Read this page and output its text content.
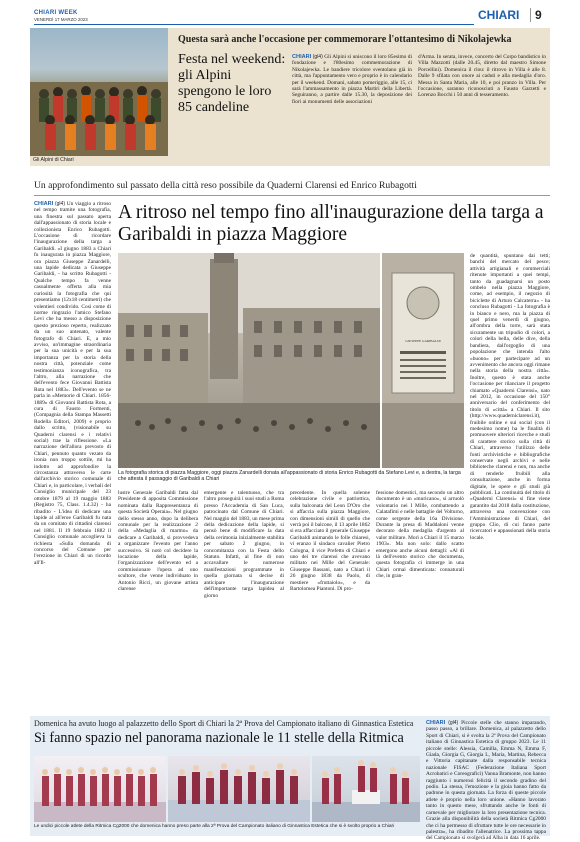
CHIARI WEEK
VENERDÌ 17 MARZO 2023	CHIARI	9
Gli Alpini di Chiari
Questa sarà anche l'occasione per commemorare l'ottantesimo di Nikolajewka
Festa nel weekend: gli Alpini spengono le loro 85 candeline

CHIARI (gl4) Gli Alpini si uniscono il loro 85esimo di fondazione e l'80esimo commemorazione di Nikolajewka. Le bandiere tricolore sventolano già in città, ma l'appuntamento vero e proprio è in calendario per il weekend. Domani, sabato pomeriggio, alle 15, ci sarà l'ammassamento in piazza Martiri della Libertà. Seguiranno, a partire dalle 15.30, la deposizione dei fiori ai monumenti delle associazioni

d'Arma. In serata, invece, concerto del Corpo bandistico in Villa Mazzotti (dalle 20.45, diretto dal maestro Simone Porcellini). Domenica il clou: il ritrovo in Villa è alle 8. Dalle 9 sfilata con onore ai caduti e alla medaglia d'oro. Messa in Santa Maria, alle 10, e poi pranzo in Villa. Per l'occasione, saranno riconosciuti a Fausto Garzetti e Lorenzo Bocchi i 50 anni di tesseramento.

Un approfondimento sul passato della città reso possibile da Quaderni Clarensi ed Enrico Rubagotti

CHIARI (gl4) Un viaggio a ritroso nel tempo tramite una fotografia, una finestra sul passato aperta dall'appassionato di storia locale e collezionista Enrico Rubagotti. L'occasione di ricordare l'inaugurazione della targa a Garibaldi. «I giugno 1883 a Chiari fu inaugurata in piazza Maggiore, ora piazza Giuseppe Zanardelli, una lapide dedicata a Giuseppe Garibaldi, - ha scritto Rubagotti - Qualche tempo fa venne casualmente offerta alla mia curiosità la fotografia che qui presentiamo (12x18 centimetri) che volentieri condivido. Così come di norme ringrazio l'amico Stefano Levi che ha messo a disposizione questo prezioso reperto, realizzato da un suo antenato, valente fotografo di Chiari. E, a mio avviso, un'immagine straordinaria per la sua unicità e per la sua importanza per la storia della nostra città, potenziale come testimonianza iconografica, tra l'altro, alla narrazione che dell'evento fece Giovanni Battista Rota nel 1883». Dell'evento se ne parla in «Memorie di Chiari. 1856-1889» di Giovanni Battista Rota, a cura di Fausto Formenti, (Compagnia della Stampa Massetti Rodella Editori, 2009) e proprio dallo scritto, (visionabile su Quaderni clarensi e i relativi social) trae la riflessione. «La narrazione dell'allora prevosto di Chiari, pennuto quanto vezato da ironia non troppo sottile, mi ha indotto ad approfondire la circostanza attraverso le carte dall'archivio storico comunale di Chiari e, in particolare, i verbali del Consiglio municipale del 23 ottobre 1879 al 19 maggio 1883 (Registro 75, Class. 1.4.32) - ha ribadito - L'idea di dedicare una lapide al all'eroe Garibaldi fu nata da un comitato di cittadini clarensi nel 1881. Il 19 febbraio 1882 il Consiglio comunale accoglieva la richiesta «Sulla domanda di concorso del Comune per l'erezione in Chiari di un ricordo all'Il-

A ritroso nel tempo fino all'inaugurazione della targa a Garibaldi in piazza Maggiore
GIUSEPPE GARIBALDI
La fotografia storica di piazza Maggiore, oggi piazza Zanardelli donata all'appassionato di storia Enrico Rubagotti da Stefano Levi e, a destra, la targa che attesta il passaggio di Garibaldi a Chiari

lustre Generale Garibaldi fatta dal Presidente di apposita Commissione nominata dalla Rappresentanza di questa Società Operaia». Nel giugno dello stesso anno, dopo la delibera comunale per la realizzazione 2 della «Medaglia di marmo» da dedicare a Garibaldi, si provvedeva a organizzare l'evento per l'anno successivo. Si notò col decidere la locazione della lapide, l'organizzazione dell'evento ed a commissionare l'opera ad uno scultore, che venne individuato in Antonio Ricci, un giovane artista clarense

emergente e talentuoso, che tra l'altro proseguirà i suoi studi a Roma presso l'Accademia di San Luca, patrocinato dal Comune di Chiari. Nel maggio del 1883, un mese prima della dedicazione della lapide, si pensò bene di modificare la data della cerimonia inizialmente stabilita per sabato 2 giugno, in concomitanza con la Festa dello Statuto. Infatti, al fine di non accavallare le numerose manifestazioni programmate in quella giornata si decise di anticipare l'inaugurazione dell'importante targa lapidea al giorno

precedente. In quella solenne celebrazione civile e patriottica, sulla balconata del Leon D'Oro che si affaccia sulla piazza Maggiore, con dimensioni simili di quello che verrà poi il balcone, il 13 aprile 1862 si era affacciato il generale Giuseppe Garibaldi animando le folle chiaresi, vi eranzo il sindaco cavalier Pietro Cologna, il vice Prefetto di Chiari e uno dei tre clarensi che avevano militato nei Mille del Generale: Giuseppe Bassani, nato a Chiari il 26 giugno 1838 da Paolo, di mestiere «fruttaiolo», e da Bartolomea Piantoni. Di pro-

fessione domestici, ma secondo un altro documento è un «muricano», si arruolò volontario nei I Mille, combattendo a Calatafimi e nelle battaglie del Volturno, come sergente della 16a Divisione. Durante la presa di Maddaloni venne decorato della medaglia d'argento al valor militare. Morì a Chiari il 15 marzo 1903». Ma non solo: dallo scatto emergono anche alcuni dettagli: «Al di là dell'evento storico che documenta, questa fotografia ci immerge in una Chiari ormai dimenticata: connaturali che, in gran-

de quantità, spuntano dai tetti; banchi del mercato del pesce; attività artigianali e commerciali ritenute importanti a quei tempi, tanto da guadagnarsi un posto ombelo nella piazza Maggiore, come, ad esempio, il negozio di biciclette di Arturo Calcaterra» - ha concluso Rubagotti - La fotografia è in bianco e nero, ma la piazza di quel primo venerdì di giugno, all'ombra della torre, sarà stata sicuramente un tripudio di colori, a colori della bella, delle dive, della bandiera, dall'orgoglio di una popolazione che intenda l'alto «buono» per partecipare ad un avvenimento che ancora oggi rimane nella storia della nostra città». Inoltre, questo è stata anche l'occasione per rilanciare il progetto chiamato «Quaderni Clarensi», nato nel 2012, in occasione del 150° anniversario del conferimento del titolo di «città» a Chiari. Il sito (http://www.quaderniclarensi.it), fruibile online e sui social (con il medesimo nome) ha le finalità di promuovere ulteriori ricerche e studi di carattere storico sulla città di Chiari, attraverso l'utilizzo delle fonti archivistiche e bibliografiche conservate negli archivi e nelle biblioteche clarensi e non, ma anche di renderle fruibili alla consultazione, anche in forma digitale, le opere e gli studi già pubblicati. La continuità del titolo di «Quaderni Clarensi» si fine viene garantito dal 2018 dalla costituzione, attraverso una convenzione con l'Amministrazione di Chiari, del gruppo Clio, di cui fanno parte ricercatori e appassionati della storia locale.

Domenica ha avuto luogo al palazzetto dello Sport di Chiari la 2ª Prova del Campionato italiano di Ginnastica Estetica
Si fanno spazio nel panorama nazionale le 11 stelle della Ritmica
Le undici piccole atlete della Ritmica Cg2000 che domenica hanno preso parte alla 2ª Prova del Campionato italiano di Ginnastica Estetica che si è svolto proprio a Chiari

CHIARI (gl4) Piccole stelle che stanno imparando, passo passo, a brillare. Domenica, al palazzetto dello Sport di Chiari, si è svolta la 2ª Prova del Campionato italiano di Ginnastica Estetica di gruppo 2023. Le 11 piccole stelle: Alessia, Camilla, Emma N, Emma F, Giada, Giorgia G, Giorgia L, Maria, Martina, Rebecca e Vittoria capitanate dalla responsabile tecnica nazionale FISAC (Federazione Italiana Sport Acrobatici e Coreografici) Vanna Bramonte, non hanno raggiunto i numerosi felicità il secondo gradino del podio. La stessa, l'emozione e la gioia hanno fatto da padrone in questa giornata. La forza di queste piccole atlete è proprio nella loro unione. «Hanno lavorato tanto in questo mese, sfruttando anche le fonti di carnevale per migliorare la loro presentazione tecnica. Grazie alla disponibilità della società Ritmica Cg2000 che ci ha permesso di sfruttare tutte le ore necessarie in palestra», ha ribadito l'allenatrice. La prossima tappa del Campionato si svolgerà ad Alba in data 16 aprile.
